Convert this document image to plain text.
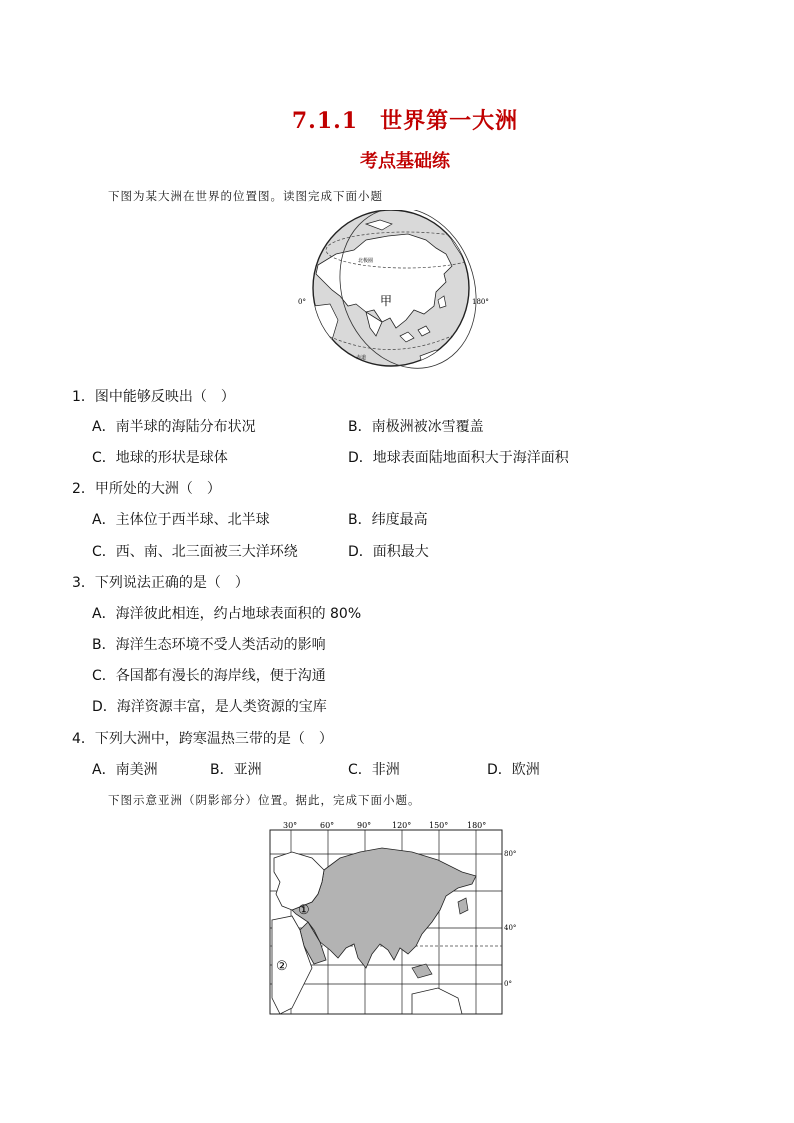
7.1.1 世界第一大洲
考点基础练
下图为某大洲在世界的位置图。读图完成下面小题
北极圈
甲
0°	180°
赤道
1．图中能够反映出（　）
A．南半球的海陆分布状况	B．南极洲被冰雪覆盖
C．地球的形状是球体	D．地球表面陆地面积大于海洋面积
2．甲所处的大洲（　）
A．主体位于西半球、北半球	B．纬度最高
C．西、南、北三面被三大洋环绕	D．面积最大
3．下列说法正确的是（　）
A．海洋彼此相连，约占地球表面积的 80%
B．海洋生态环境不受人类活动的影响
C．各国都有漫长的海岸线，便于沟通
D．海洋资源丰富，是人类资源的宝库
4．下列大洲中，跨寒温热三带的是（　）
A．南美洲	B．亚洲	C．非洲	D．欧洲
下图示意亚洲（阴影部分）位置。据此，完成下面小题。
①
②
30°	60°	90°	120° 150° 180°
80°
40°
0°
